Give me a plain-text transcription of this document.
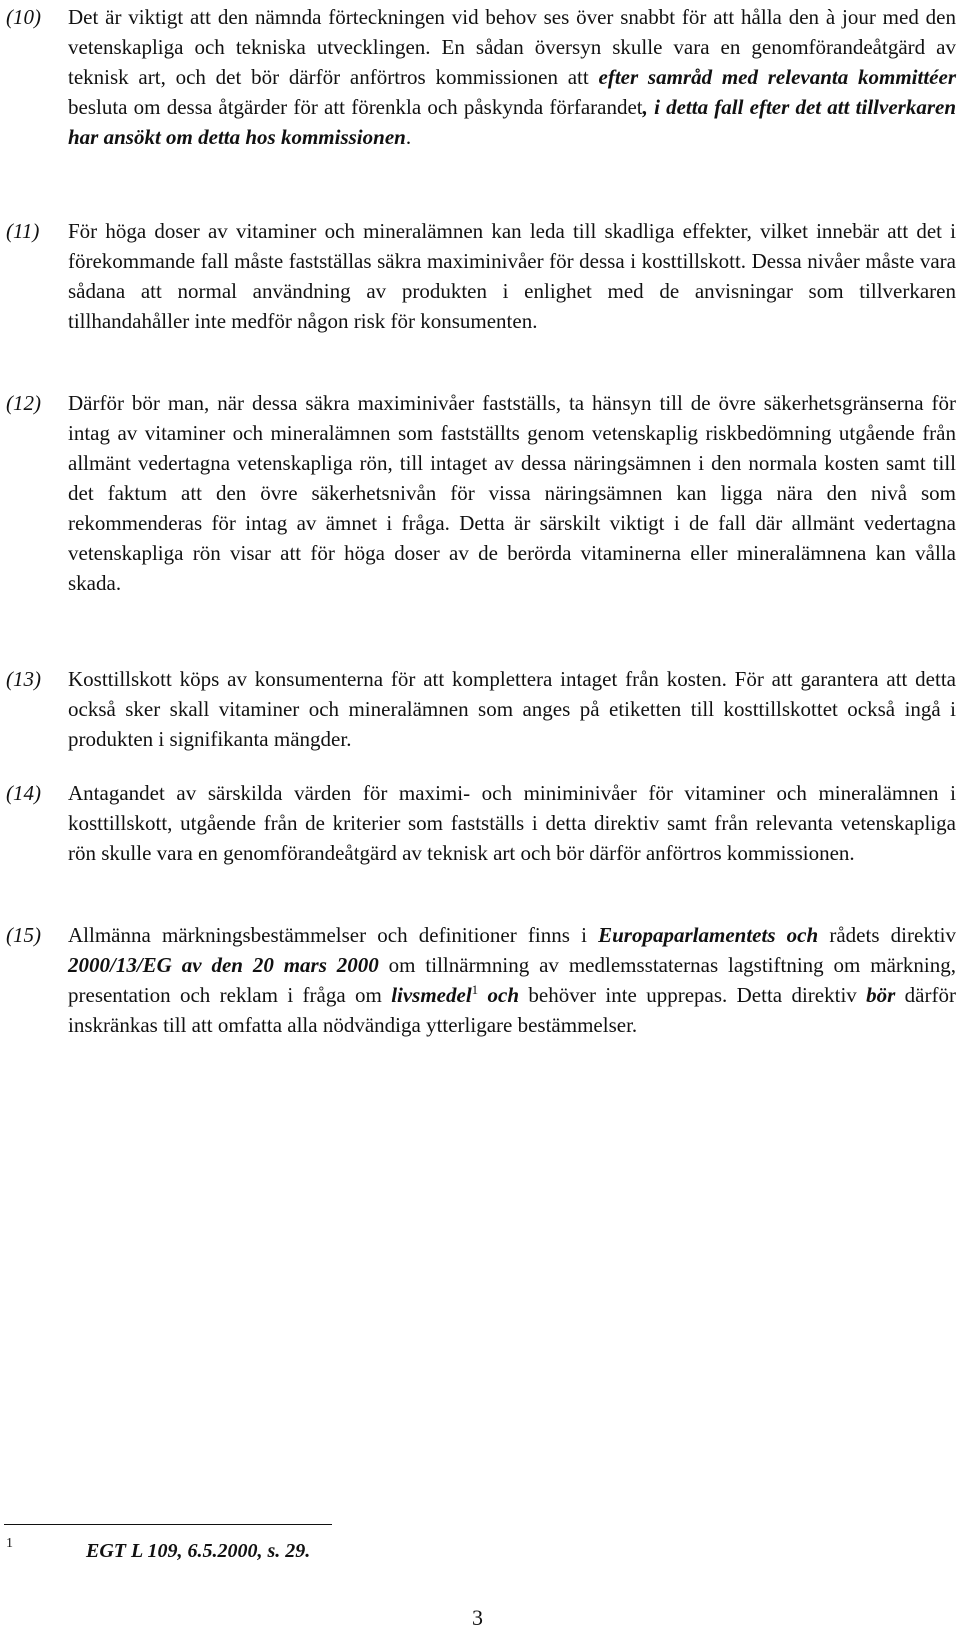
(10) Det är viktigt att den nämnda förteckningen vid behov ses över snabbt för att hålla den à jour med den vetenskapliga och tekniska utvecklingen. En sådan översyn skulle vara en genomförandeåtgärd av teknisk art, och det bör därför anförtros kommissionen att efter samråd med relevanta kommittéer besluta om dessa åtgärder för att förenkla och påskynda förfarandet, i detta fall efter det att tillverkaren har ansökt om detta hos kommissionen.
(11) För höga doser av vitaminer och mineralämnen kan leda till skadliga effekter, vilket innebär att det i förekommande fall måste fastställas säkra maximinivåer för dessa i kosttillskott. Dessa nivåer måste vara sådana att normal användning av produkten i enlighet med de anvisningar som tillverkaren tillhandahåller inte medför någon risk för konsumenten.
(12) Därför bör man, när dessa säkra maximinivåer fastställs, ta hänsyn till de övre säkerhetsgränserna för intag av vitaminer och mineralämnen som fastställts genom vetenskaplig riskbedömning utgående från allmänt vedertagna vetenskapliga rön, till intaget av dessa näringsämnen i den normala kosten samt till det faktum att den övre säkerhetsnivån för vissa näringsämnen kan ligga nära den nivå som rekommenderas för intag av ämnet i fråga. Detta är särskilt viktigt i de fall där allmänt vedertagna vetenskapliga rön visar att för höga doser av de berörda vitaminerna eller mineralämnena kan vålla skada.
(13) Kosttillskott köps av konsumenterna för att komplettera intaget från kosten. För att garantera att detta också sker skall vitaminer och mineralämnen som anges på etiketten till kosttillskottet också ingå i produkten i signifikanta mängder.
(14) Antagandet av särskilda värden för maximi- och miniminivåer för vitaminer och mineralämnen i kosttillskott, utgående från de kriterier som fastställs i detta direktiv samt från relevanta vetenskapliga rön skulle vara en genomförandeåtgärd av teknisk art och bör därför anförtros kommissionen.
(15) Allmänna märkningsbestämmelser och definitioner finns i Europaparlamentets och rådets direktiv 2000/13/EG av den 20 mars 2000 om tillnärmning av medlemsstaternas lagstiftning om märkning, presentation och reklam i fråga om livsmedel$^1$ och behöver inte upprepas. Detta direktiv bör därför inskränkas till att omfatta alla nödvändiga ytterligare bestämmelser.
1	EGT L 109, 6.5.2000, s. 29.
3
